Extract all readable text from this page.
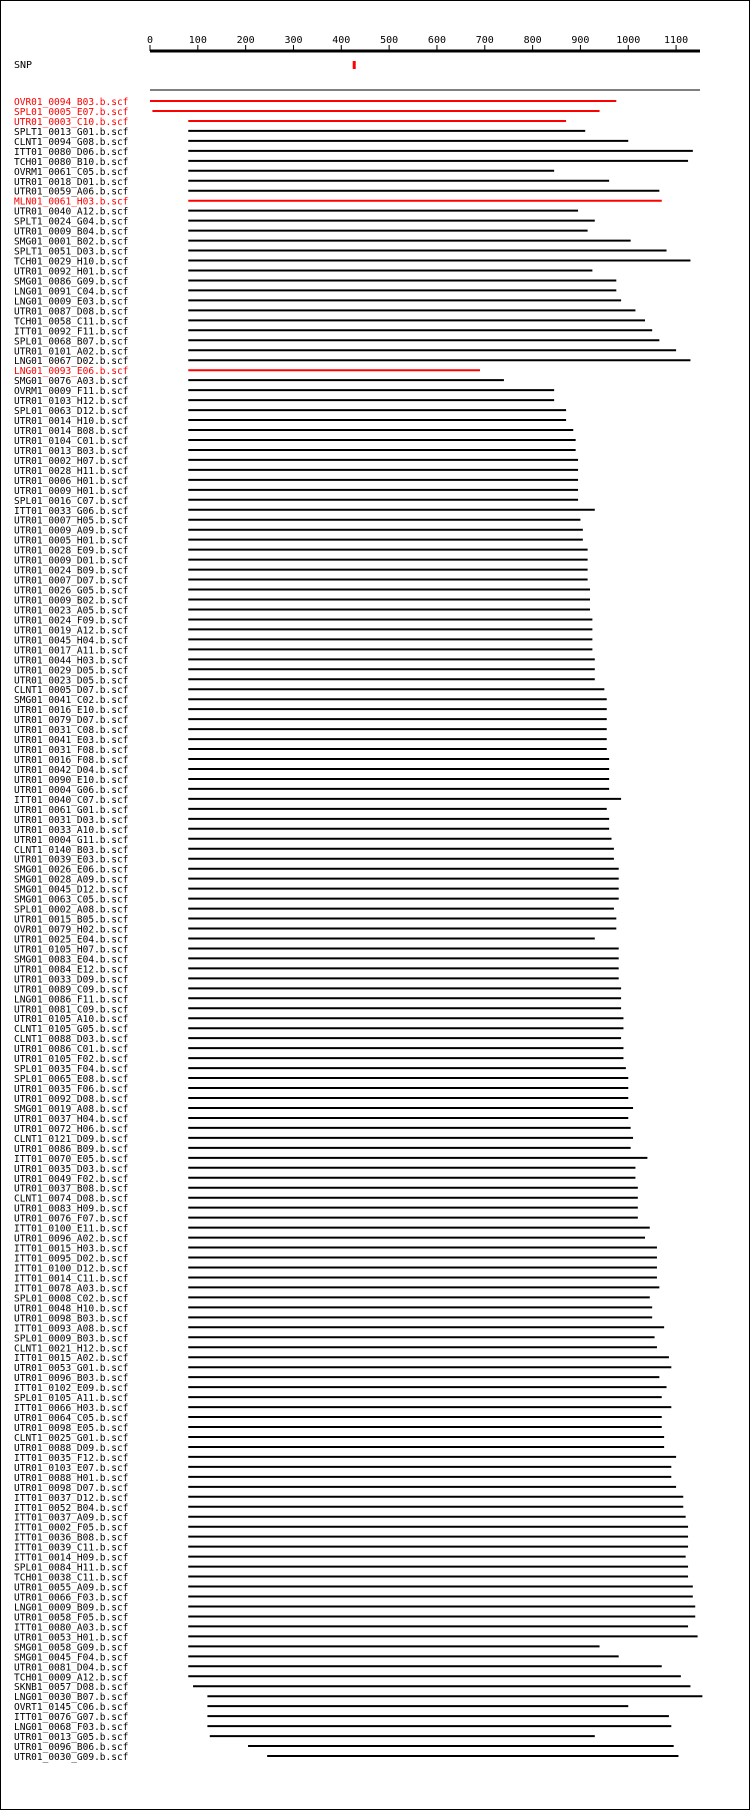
0	100	200	300	400	500	600	700	800	900	1000 1100
SNP
OVR01_0094_B03.b.scf
SPL01_0005_E07.b.scf
UTR01_0003_C10.b.scf
SPLT1_0013_G01.b.scf
CLNT1_0094_G08.b.scf
ITT01_0080_D06.b.scf
TCH01_0080_B10.b.scf
OVRM1_0061_C05.b.scf
UTR01_0018_D01.b.scf
UTR01_0059_A06.b.scf
MLN01_0061_H03.b.scf
UTR01_0040_A12.b.scf
SPLT1_0024_G04.b.scf
UTR01_0009_B04.b.scf
SMG01_0001_B02.b.scf
SPLT1_0051_D03.b.scf
TCH01_0029_H10.b.scf
UTR01_0092_H01.b.scf
SMG01_0086_G09.b.scf
LNG01_0091_C04.b.scf
LNG01_0009_E03.b.scf
UTR01_0087_D08.b.scf
TCH01_0058_C11.b.scf
ITT01_0092_F11.b.scf
SPL01_0068_B07.b.scf
UTR01_0101_A02.b.scf
LNG01_0067_D02.b.scf
LNG01_0093_E06.b.scf
SMG01_0076_A03.b.scf
OVRM1_0009_F11.b.scf
UTR01_0103_H12.b.scf
SPL01_0063_D12.b.scf
UTR01_0014_H10.b.scf
UTR01_0014_B08.b.scf
UTR01_0104_C01.b.scf
UTR01_0013_B03.b.scf
UTR01_0002_H07.b.scf
UTR01_0028_H11.b.scf
UTR01_0006_H01.b.scf
UTR01_0009_H01.b.scf
SPL01_0016_C07.b.scf
ITT01_0033_G06.b.scf
UTR01_0007_H05.b.scf
UTR01_0009_A09.b.scf
UTR01_0005_H01.b.scf
UTR01_0028_E09.b.scf
UTR01_0009_D01.b.scf
UTR01_0024_B09.b.scf
UTR01_0007_D07.b.scf
UTR01_0026_G05.b.scf
UTR01_0009_B02.b.scf
UTR01_0023_A05.b.scf
UTR01_0024_F09.b.scf
UTR01_0019_A12.b.scf
UTR01_0045_H04.b.scf
UTR01_0017_A11.b.scf
UTR01_0044_H03.b.scf
UTR01_0029_D05.b.scf
UTR01_0023_D05.b.scf
CLNT1_0005_D07.b.scf
SMG01_0041_C02.b.scf
UTR01_0016_E10.b.scf
UTR01_0079_D07.b.scf
UTR01_0031_C08.b.scf
UTR01_0041_E03.b.scf
UTR01_0031_F08.b.scf
UTR01_0016_F08.b.scf
UTR01_0042_D04.b.scf
UTR01_0090_E10.b.scf
UTR01_0004_G06.b.scf
ITT01_0040_C07.b.scf
UTR01_0061_G01.b.scf
UTR01_0031_D03.b.scf
UTR01_0033_A10.b.scf
UTR01_0004_G11.b.scf
CLNT1_0140_B03.b.scf
UTR01_0039_E03.b.scf
SMG01_0026_E06.b.scf
SMG01_0028_A09.b.scf
SMG01_0045_D12.b.scf
SMG01_0063_C05.b.scf
SPL01_0002_A08.b.scf
UTR01_0015_B05.b.scf
OVR01_0079_H02.b.scf
UTR01_0025_E04.b.scf
UTR01_0105_H07.b.scf
SMG01_0083_E04.b.scf
UTR01_0084_E12.b.scf
UTR01_0033_D09.b.scf
UTR01_0089_C09.b.scf
LNG01_0086_F11.b.scf
UTR01_0081_C09.b.scf
UTR01_0105_A10.b.scf
CLNT1_0105_G05.b.scf
CLNT1_0088_D03.b.scf
UTR01_0086_C01.b.scf
UTR01_0105_F02.b.scf
SPL01_0035_F04.b.scf
SPL01_0065_E08.b.scf
UTR01_0035_F06.b.scf
UTR01_0092_D08.b.scf
SMG01_0019_A08.b.scf
UTR01_0037_H04.b.scf
UTR01_0072_H06.b.scf
CLNT1_0121_D09.b.scf
UTR01_0086_B09.b.scf
ITT01_0070_E05.b.scf
UTR01_0035_D03.b.scf
UTR01_0049_F02.b.scf
UTR01_0037_B08.b.scf
CLNT1_0074_D08.b.scf
UTR01_0083_H09.b.scf
UTR01_0076_F07.b.scf
ITT01_0100_E11.b.scf
UTR01_0096_A02.b.scf
ITT01_0015_H03.b.scf
ITT01_0095_D02.b.scf
ITT01_0100_D12.b.scf
ITT01_0014_C11.b.scf
ITT01_0078_A03.b.scf
SPL01_0008_C02.b.scf
UTR01_0048_H10.b.scf
UTR01_0098_B03.b.scf
ITT01_0093_A08.b.scf
SPL01_0009_B03.b.scf
CLNT1_0021_H12.b.scf
ITT01_0015_A02.b.scf
UTR01_0053_G01.b.scf
UTR01_0096_B03.b.scf
ITT01_0102_E09.b.scf
SPL01_0105_A11.b.scf
ITT01_0066_H03.b.scf
UTR01_0064_C05.b.scf
UTR01_0098_E05.b.scf
CLNT1_0025_G01.b.scf
UTR01_0088_D09.b.scf
ITT01_0035_F12.b.scf
UTR01_0103_E07.b.scf
UTR01_0088_H01.b.scf
UTR01_0098_D07.b.scf
ITT01_0037_D12.b.scf
ITT01_0052_B04.b.scf
ITT01_0037_A09.b.scf
ITT01_0002_F05.b.scf
ITT01_0036_B08.b.scf
ITT01_0039_C11.b.scf
ITT01_0014_H09.b.scf
SPL01_0084_H11.b.scf
TCH01_0038_C11.b.scf
UTR01_0055_A09.b.scf
UTR01_0066_F03.b.scf
LNG01_0009_B09.b.scf
UTR01_0058_F05.b.scf
ITT01_0080_A03.b.scf
UTR01_0053_H01.b.scf
SMG01_0058_G09.b.scf
SMG01_0045_F04.b.scf
UTR01_0081_D04.b.scf
TCH01_0009_A12.b.scf
SKNB1_0057_D08.b.scf
LNG01_0030_B07.b.scf
OVRT1_0145_C06.b.scf
ITT01_0076_G07.b.scf
LNG01_0068_F03.b.scf
UTR01_0013_G05.b.scf
UTR01_0096_B06.b.scf
UTR01_0030_G09.b.scf
